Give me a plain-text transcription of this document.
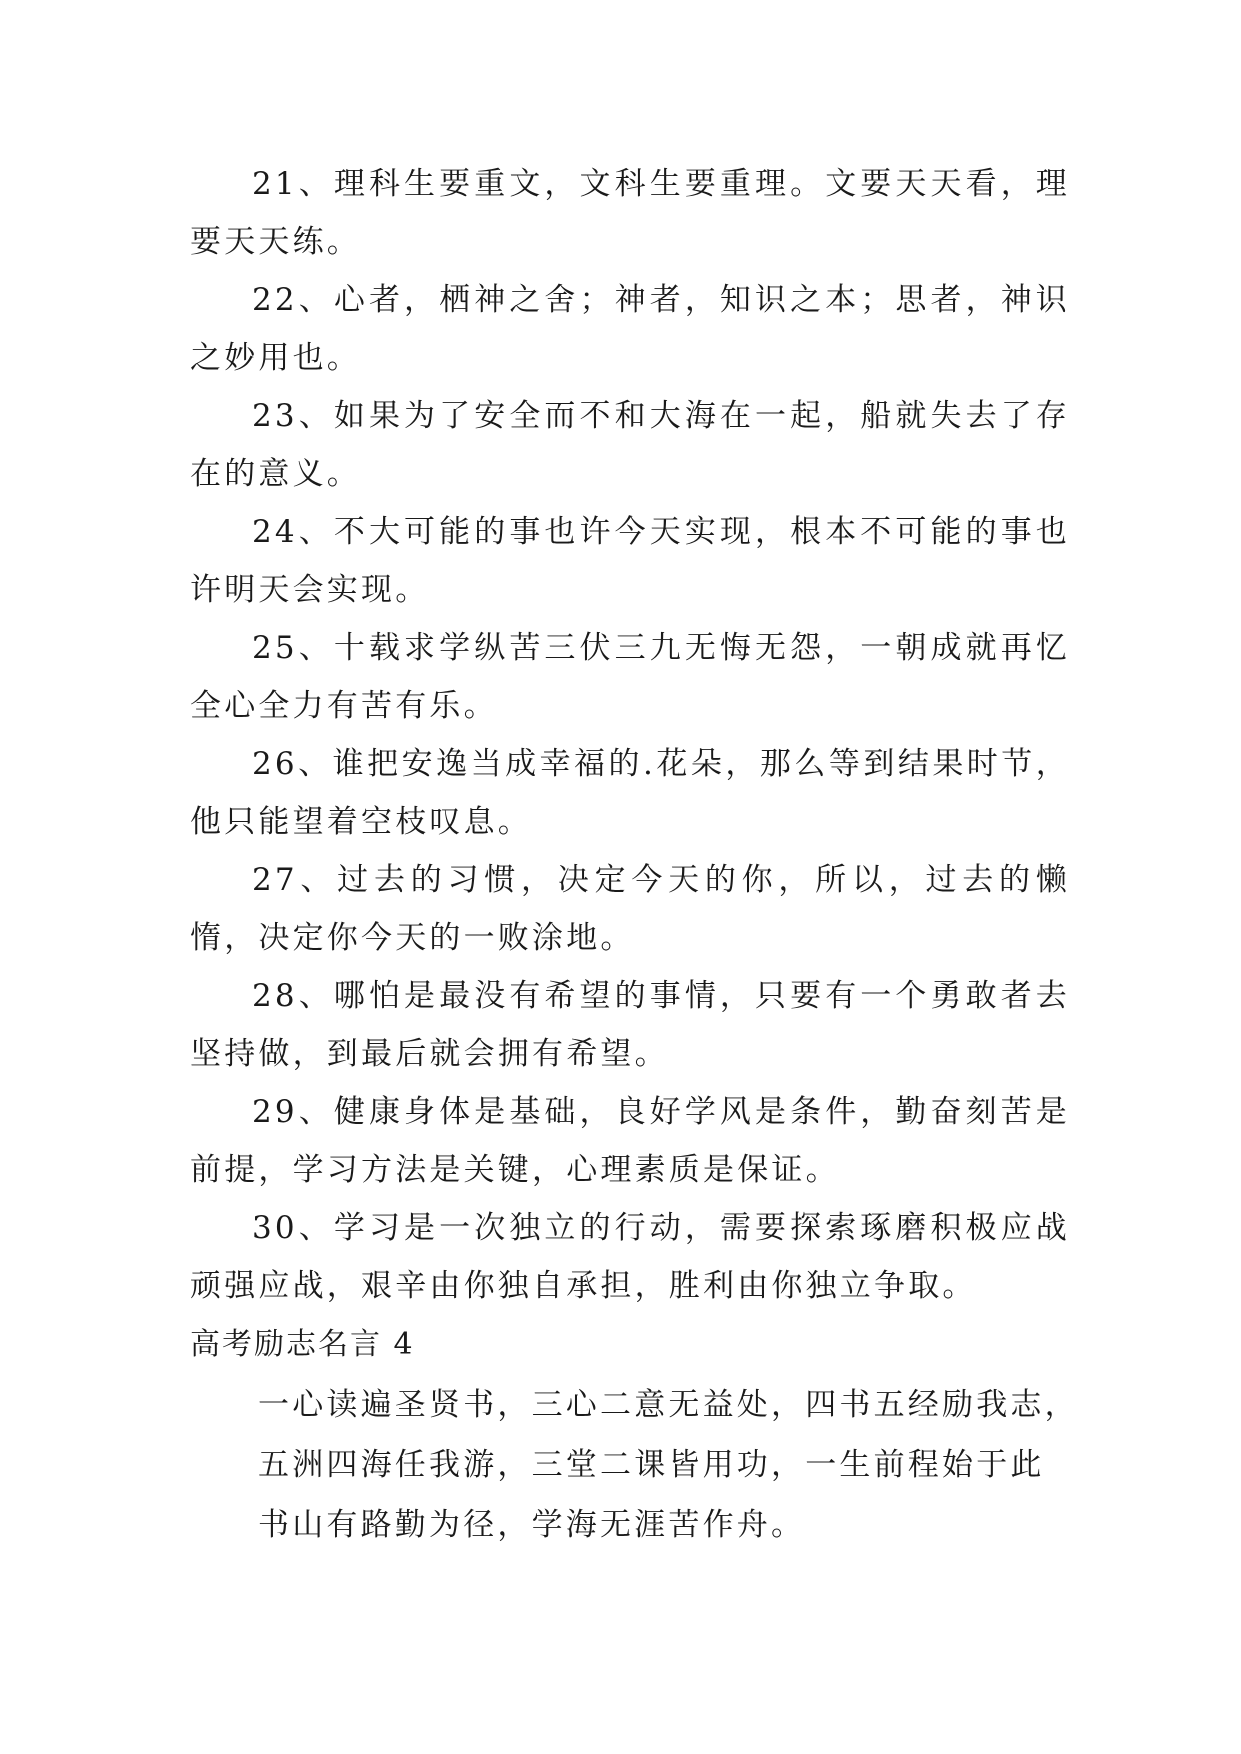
21、理科生要重文，文科生要重理。文要天天看，理要天天练。

22、心者，栖神之舍；神者，知识之本；思者，神识之妙用也。

23、如果为了安全而不和大海在一起，船就失去了存在的意义。

24、不大可能的事也许今天实现，根本不可能的事也许明天会实现。

25、十载求学纵苦三伏三九无悔无怨，一朝成就再忆全心全力有苦有乐。

26、谁把安逸当成幸福的.花朵，那么等到结果时节，他只能望着空枝叹息。

27、过去的习惯，决定今天的你，所以，过去的懒惰，决定你今天的一败涂地。

28、哪怕是最没有希望的事情，只要有一个勇敢者去坚持做，到最后就会拥有希望。

29、健康身体是基础，良好学风是条件，勤奋刻苦是前提，学习方法是关键，心理素质是保证。

30、学习是一次独立的行动，需要探索琢磨积极应战顽强应战，艰辛由你独自承担，胜利由你独立争取。

高考励志名言 4

一心读遍圣贤书，三心二意无益处，四书五经励我志，

五洲四海任我游，三堂二课皆用功，一生前程始于此

书山有路勤为径，学海无涯苦作舟。
